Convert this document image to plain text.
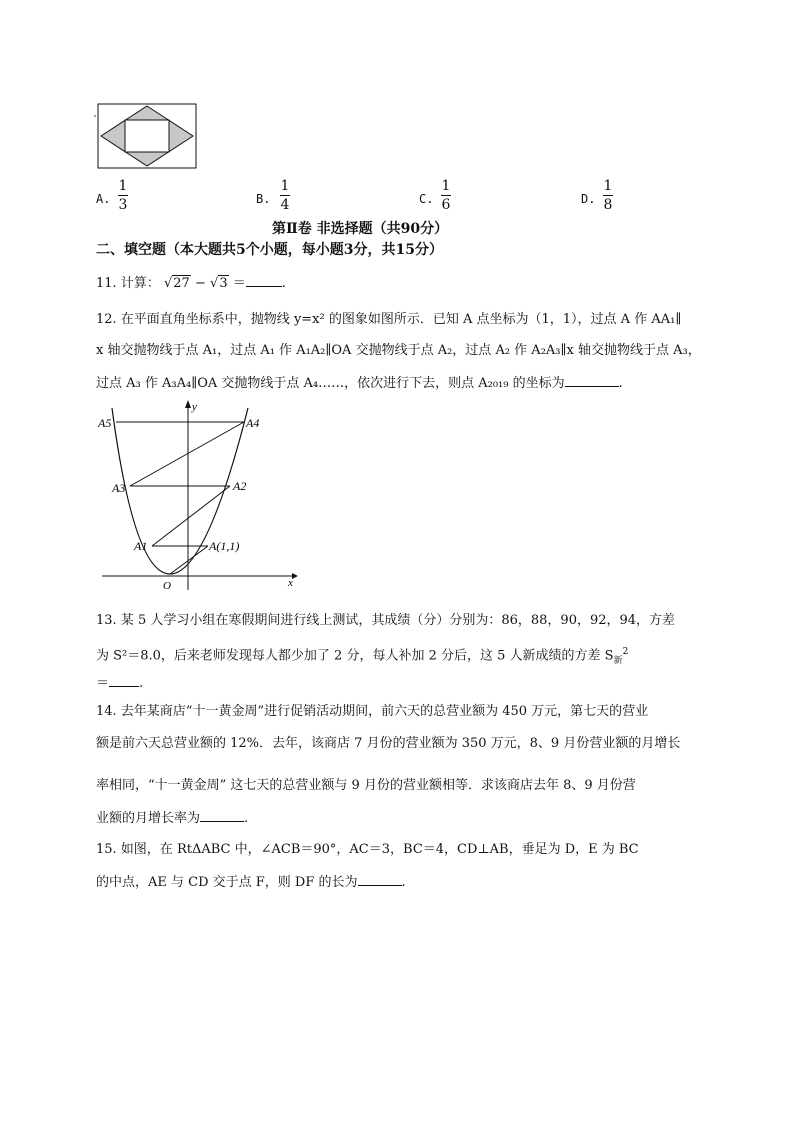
A.
1
3	B.
1
4	C.
1
6	D.
1
8
第Ⅱ卷 非选择题（共90分）
二、填空题（本大题共5个小题，每小题3分，共15分）
11. 计算： √27 − √3 ＝	.
12. 在平面直角坐标系中，抛物线 y=x² 的图象如图所示．已知 A 点坐标为（1，1），过点 A 作 AA₁∥
x 轴交抛物线于点 A₁，过点 A₁ 作 A₁A₂∥OA 交抛物线于点 A₂，过点 A₂ 作 A₂A₃∥x 轴交抛物线于点 A₃，
过点 A₃ 作 A₃A₄∥OA 交抛物线于点 A₄……，依次进行下去，则点 A₂₀₁₉ 的坐标为	.
y
x
O
A5	A4
A3	A2
A1	A(1,1)
13. 某 5 人学习小组在寒假期间进行线上测试，其成绩（分）分别为：86，88，90，92，94，方差
为 S²＝8.0，后来老师发现每人都少加了 2 分，每人补加 2 分后，这 5 人新成绩的方差 $S_新^2$
＝ .
14. 去年某商店“十一黄金周”进行促销活动期间，前六天的总营业额为 450 万元，第七天的营业
额是前六天总营业额的 12%．去年，该商店 7 月份的营业额为 350 万元，8、9 月份营业额的月增长
率相同，“十一黄金周” 这七天的总营业额与 9 月份的营业额相等．求该商店去年 8、9 月份营
业额的月增长率为	.
15. 如图，在 RtΔABC 中，∠ACB＝90°，AC＝3，BC＝4，CD⊥AB，垂足为 D，E 为 BC
的中点，AE 与 CD 交于点 F，则 DF 的长为	.
